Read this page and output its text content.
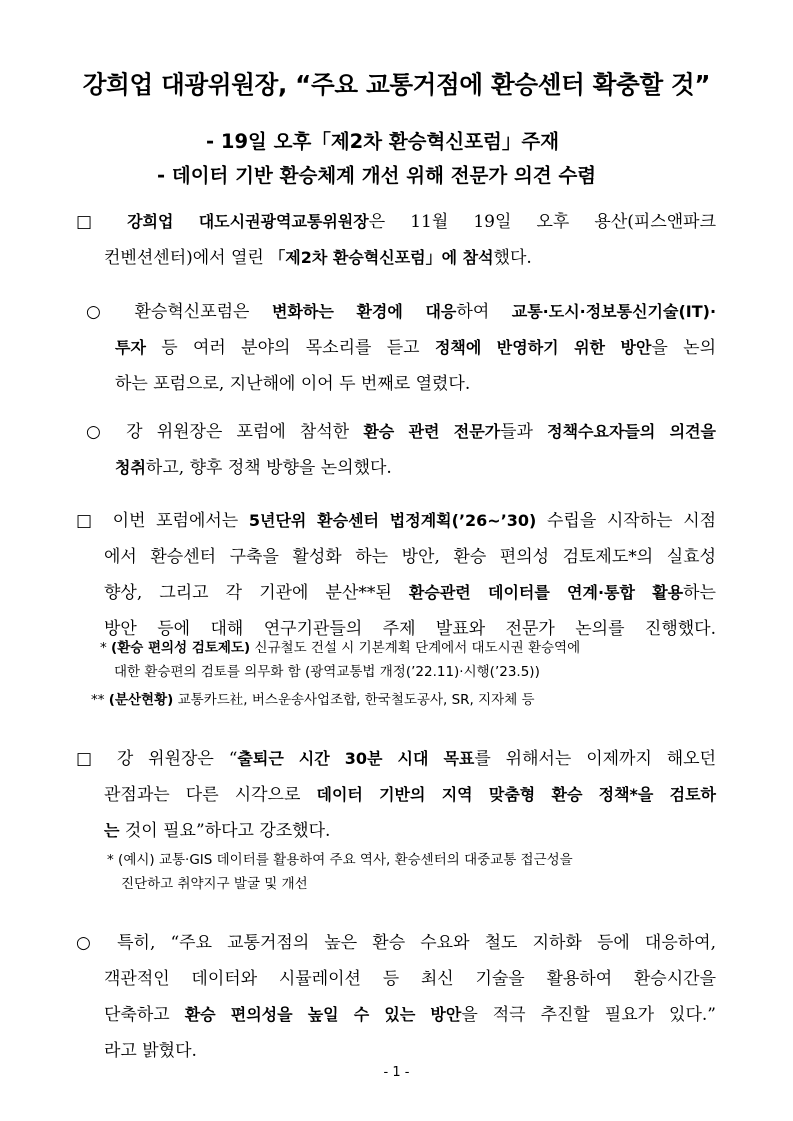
강희업 대광위원장, “주요 교통거점에 환승센터 확충할 것”
- 19일 오후「제2차 환승혁신포럼」주재
- 데이터 기반 환승체계 개선 위해 전문가 의견 수렴
□ 강희업 대도시권광역교통위원장은 11월 19일 오후 용산(피스앤파크
컨벤션센터)에서 열린 「제2차 환승혁신포럼」에 참석했다.
○ 환승혁신포럼은 변화하는 환경에 대응하여 교통·도시·정보통신기술(IT)·
투자 등 여러 분야의 목소리를 듣고 정책에 반영하기 위한 방안을 논의
하는 포럼으로, 지난해에 이어 두 번째로 열렸다.
○ 강 위원장은 포럼에 참석한 환승 관련 전문가들과 정책수요자들의 의견을
청취하고, 향후 정책 방향을 논의했다.
□ 이번 포럼에서는 5년단위 환승센터 법정계획(’26~’30) 수립을 시작하는 시점
에서 환승센터 구축을 활성화 하는 방안, 환승 편의성 검토제도*의 실효성
향상, 그리고 각 기관에 분산**된 환승관련 데이터를 연계·통합 활용하는
방안 등에 대해 연구기관들의 주제 발표와 전문가 논의를 진행했다.
* (환승 편의성 검토제도) 신규철도 건설 시 기본계획 단계에서 대도시권 환승역에
대한 환승편의 검토를 의무화 함 (광역교통법 개정(’22.11)·시행(’23.5))
** (분산현황) 교통카드社, 버스운송사업조합, 한국철도공사, SR, 지자체 등
□ 강 위원장은 “출퇴근 시간 30분 시대 목표를 위해서는 이제까지 해오던
관점과는 다른 시각으로 데이터 기반의 지역 맞춤형 환승 정책*을 검토하
는 것이 필요”하다고 강조했다.
* (예시) 교통·GIS 데이터를 활용하여 주요 역사, 환승센터의 대중교통 접근성을
진단하고 취약지구 발굴 및 개선
○ 특히, “주요 교통거점의 높은 환승 수요와 철도 지하화 등에 대응하여,
객관적인 데이터와 시뮬레이션 등 최신 기술을 활용하여 환승시간을
단축하고 환승 편의성을 높일 수 있는 방안을 적극 추진할 필요가 있다.”
라고 밝혔다.
- 1 -
